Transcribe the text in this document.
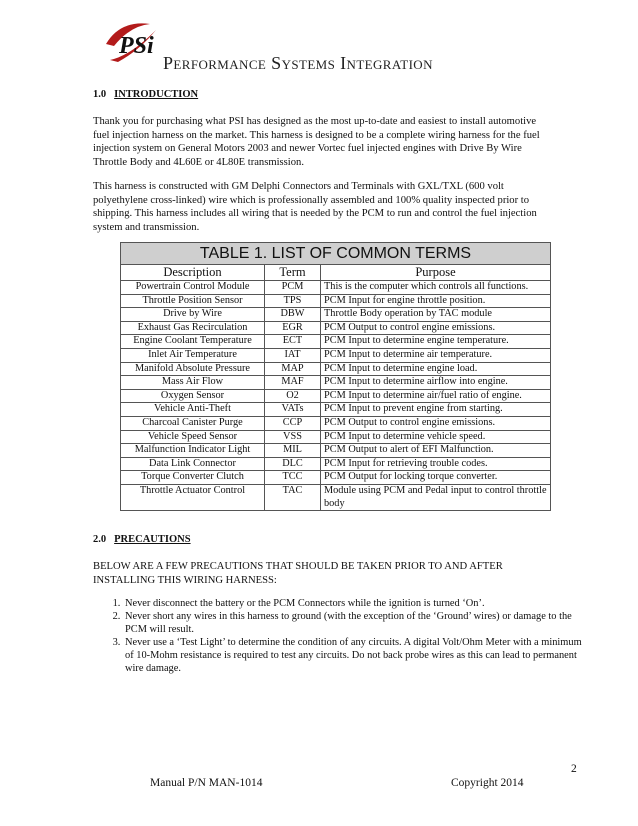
PSi
Performance Systems Integration
1.0 INTRODUCTION
Thank you for purchasing what PSI has designed as the most up-to-date and easiest to install automotive
fuel injection harness on the market. This harness is designed to be a complete wiring harness for the fuel
injection system on General Motors 2003 and newer Vortec fuel injected engines with Drive By Wire
Throttle Body and 4L60E or 4L80E transmission.
This harness is constructed with GM Delphi Connectors and Terminals with GXL/TXL (600 volt
polyethylene cross-linked) wire which is professionally assembled and 100% quality inspected prior to
shipping. This harness includes all wiring that is needed by the PCM to run and control the fuel injection
system and transmission.
TABLE 1. LIST OF COMMON TERMS		
Description	Term	Purpose
Powertrain Control Module	PCM	This is the computer which controls all functions.
Throttle Position Sensor	TPS	PCM Input for engine throttle position.
Drive by Wire	DBW	Throttle Body operation by TAC module
Exhaust Gas Recirculation	EGR	PCM Output to control engine emissions.
Engine Coolant Temperature	ECT	PCM Input to determine engine temperature.
Inlet Air Temperature	IAT	PCM Input to determine air temperature.
Manifold Absolute Pressure	MAP	PCM Input to determine engine load.
Mass Air Flow	MAF	PCM Input to determine airflow into engine.
Oxygen Sensor	O2	PCM Input to determine air/fuel ratio of engine.
Vehicle Anti-Theft	VATs	PCM Input to prevent engine from starting.
Charcoal Canister Purge	CCP	PCM Output to control engine emissions.
Vehicle Speed Sensor	VSS	PCM Input to determine vehicle speed.
Malfunction Indicator Light	MIL	PCM Output to alert of EFI Malfunction.
Data Link Connector	DLC	PCM Input for retrieving trouble codes.
Torque Converter Clutch	TCC	PCM Output for locking torque converter.
Throttle Actuator Control	TAC	Module using PCM and Pedal input to control throttle body
2.0 PRECAUTIONS
BELOW ARE A FEW PRECAUTIONS THAT SHOULD BE TAKEN PRIOR TO AND AFTER
INSTALLING THIS WIRING HARNESS:
1. Never disconnect the battery or the PCM Connectors while the ignition is turned ‘On’.
2. Never short any wires in this harness to ground (with the exception of the ‘Ground’ wires) or damage to the PCM will result.
3. Never use a ‘Test Light’ to determine the condition of any circuits. A digital Volt/Ohm Meter with a minimum of 10-Mohm resistance is required to test any circuits. Do not back probe wires as this can lead to permanent wire damage.
2
Manual P/N MAN-1014	Copyright 2014
